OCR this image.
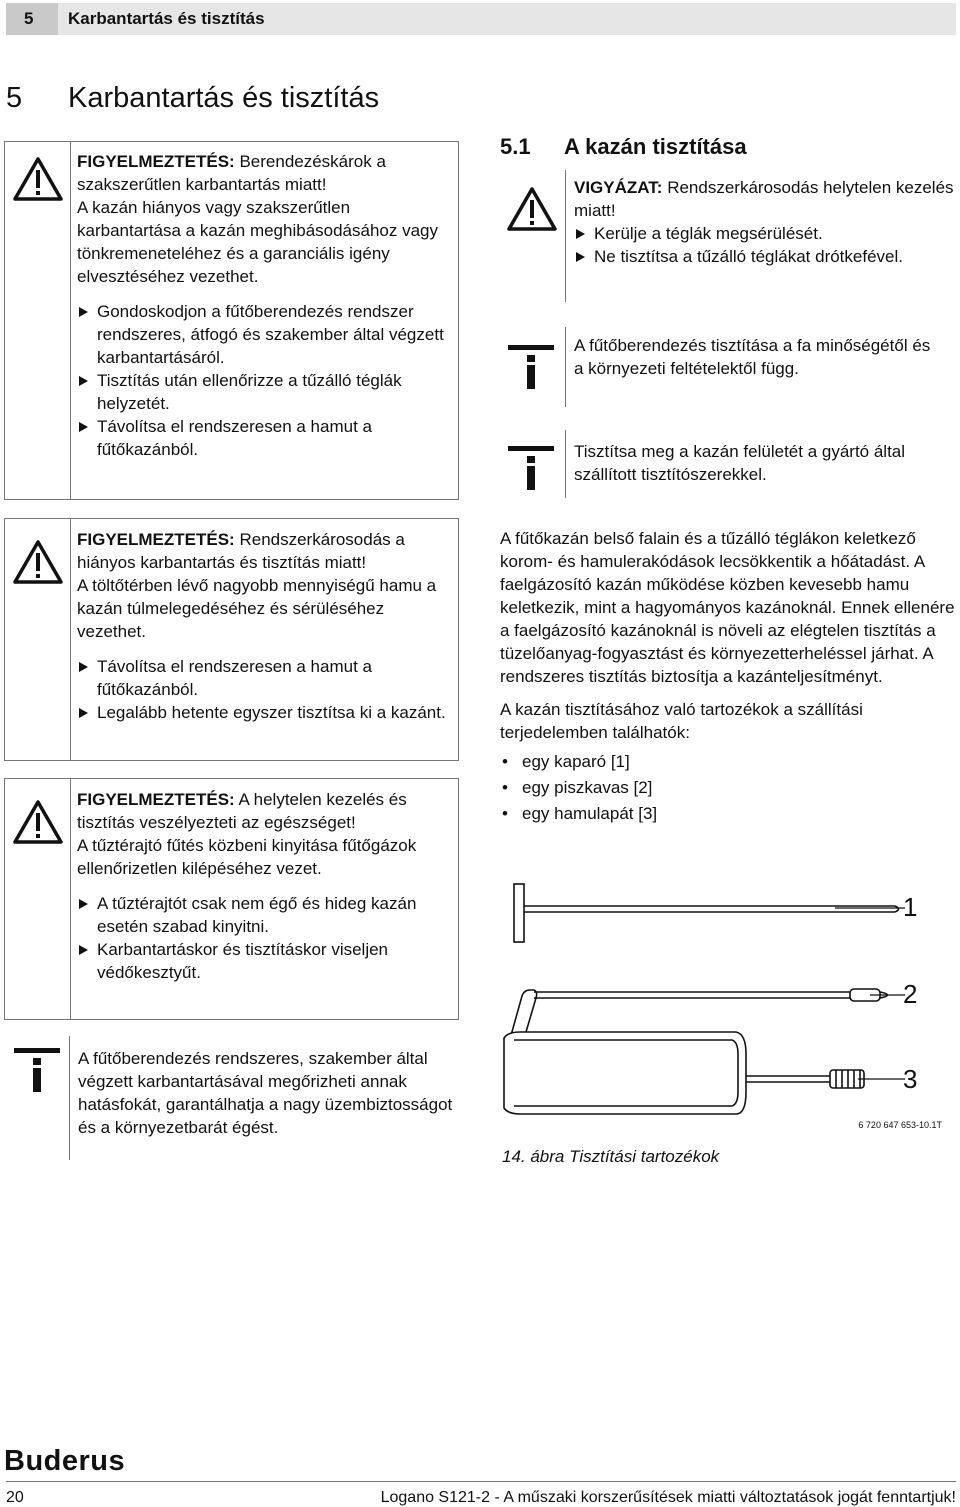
5	Karbantartás és tisztítás
5 Karbantartás és tisztítás

FIGYELMEZTETÉS: Berendezéskárok a szakszerűtlen karbantartás miatt!

A kazán hiányos vagy szakszerűtlen karbantartása a kazán meghibásodásához vagy tönkremeneteléhez és a garanciális igény elvesztéséhez vezethet.

Gondoskodjon a fűtőberendezés rendszer rendszeres, átfogó és szakember által végzett karbantartásáról.

Tisztítás után ellenőrizze a tűzálló téglák helyzetét.

Távolítsa el rendszeresen a hamut a fűtőkazánból.

FIGYELMEZTETÉS: Rendszerkárosodás a hiányos karbantartás és tisztítás miatt!

A töltőtérben lévő nagyobb mennyiségű hamu a kazán túlmelegedéséhez és sérüléséhez vezethet.

Távolítsa el rendszeresen a hamut a fűtőkazánból.

Legalább hetente egyszer tisztítsa ki a kazánt.

FIGYELMEZTETÉS: A helytelen kezelés és tisztítás veszélyezteti az egészséget!

A tűztérajtó fűtés közbeni kinyitása fűtőgázok ellenőrizetlen kilépéséhez vezet.

A tűztérajtót csak nem égő és hideg kazán esetén szabad kinyitni.

Karbantartáskor és tisztításkor viseljen védőkesztyűt.

A fűtőberendezés rendszeres, szakember által végzett karbantartásával megőrizheti annak hatásfokát, garantálhatja a nagy üzembiztosságot és a környezetbarát égést.
5.1 A kazán tisztítása

VIGYÁZAT: Rendszerkárosodás helytelen kezelés miatt!

Kerülje a téglák megsérülését.

Ne tisztítsa a tűzálló téglákat drótkefével.

A fűtőberendezés tisztítása a fa minőségétől és a környezeti feltételektől függ.
Tisztítsa meg a kazán felületét a gyártó által szállított tisztítószerekkel.

A fűtőkazán belső falain és a tűzálló téglákon keletkező korom- és hamulerakódások lecsökkentik a hőátadást. A faelgázosító kazán működése közben kevesebb hamu keletkezik, mint a hagyományos kazánoknál. Ennek ellenére a faelgázosító kazánoknál is növeli az elégtelen tisztítás a tüzelőanyag-fogyasztást és környezetterheléssel járhat. A rendszeres tisztítás biztosítja a kazánteljesítményt.

A kazán tisztításához való tartozékok a szállítási terjedelemben találhatók:

• egy kaparó [1]
• egy piszkavas [2]
• egy hamulapát [3]
1
2
3
6 720 647 653-10.1T
14. ábra Tisztítási tartozékok
Buderus
20	Logano S121-2 - A műszaki korszerűsítések miatti változtatások jogát fenntartjuk!
